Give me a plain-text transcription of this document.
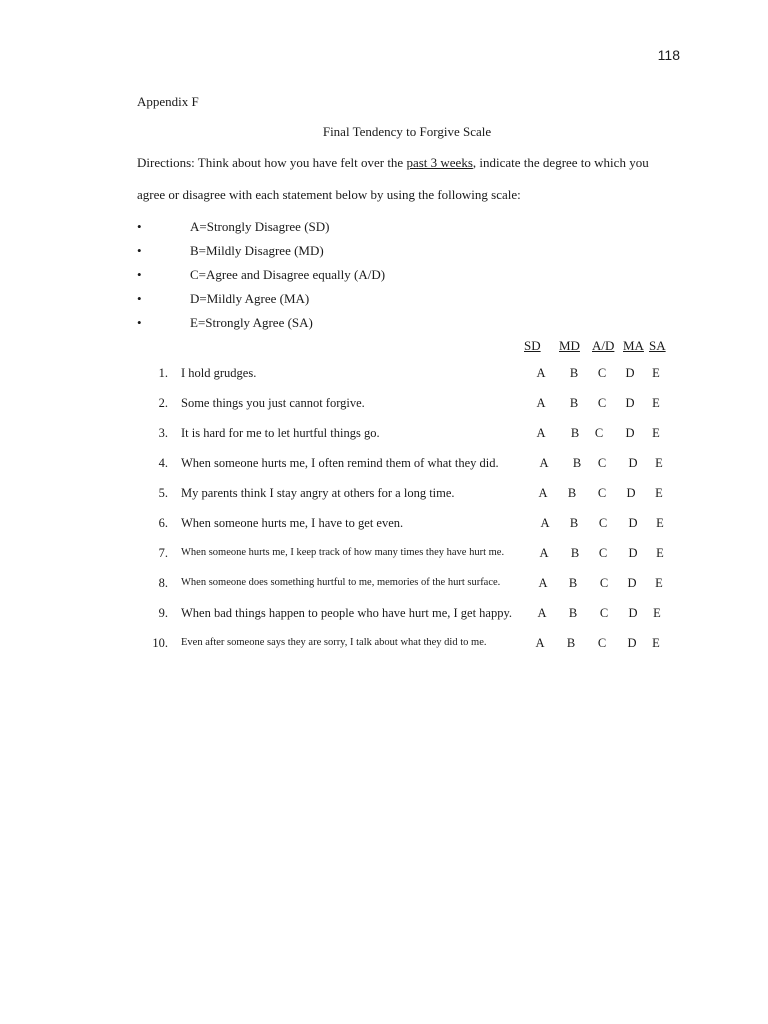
118
Appendix F
Final Tendency to Forgive Scale
Directions: Think about how you have felt over the past 3 weeks, indicate the degree to which you
agree or disagree with each statement below by using the following scale:
•	A=Strongly Disagree (SD)
•	B=Mildly Disagree (MD)
•	C=Agree and Disagree equally (A/D)
•	D=Mildly Agree (MA)
•	E=Strongly Agree (SA)
SD MD A/D MA SA
1. I hold grudges.	A B C D E
2. Some things you just cannot forgive.	A B C D E
3. It is hard for me to let hurtful things go.	A B C D E
4. When someone hurts me, I often remind them of what they did.	A B C D E
5. My parents think I stay angry at others for a long time.	A B C D E
6. When someone hurts me, I have to get even.	A B C D E
7. When someone hurts me, I keep track of how many times they have hurt me.	A B C D E
8. When someone does something hurtful to me, memories of the hurt surface.	A B C D E
9. When bad things happen to people who have hurt me, I get happy. A B C D E
10. Even after someone says they are sorry, I talk about what they did to me.	A B C D E
